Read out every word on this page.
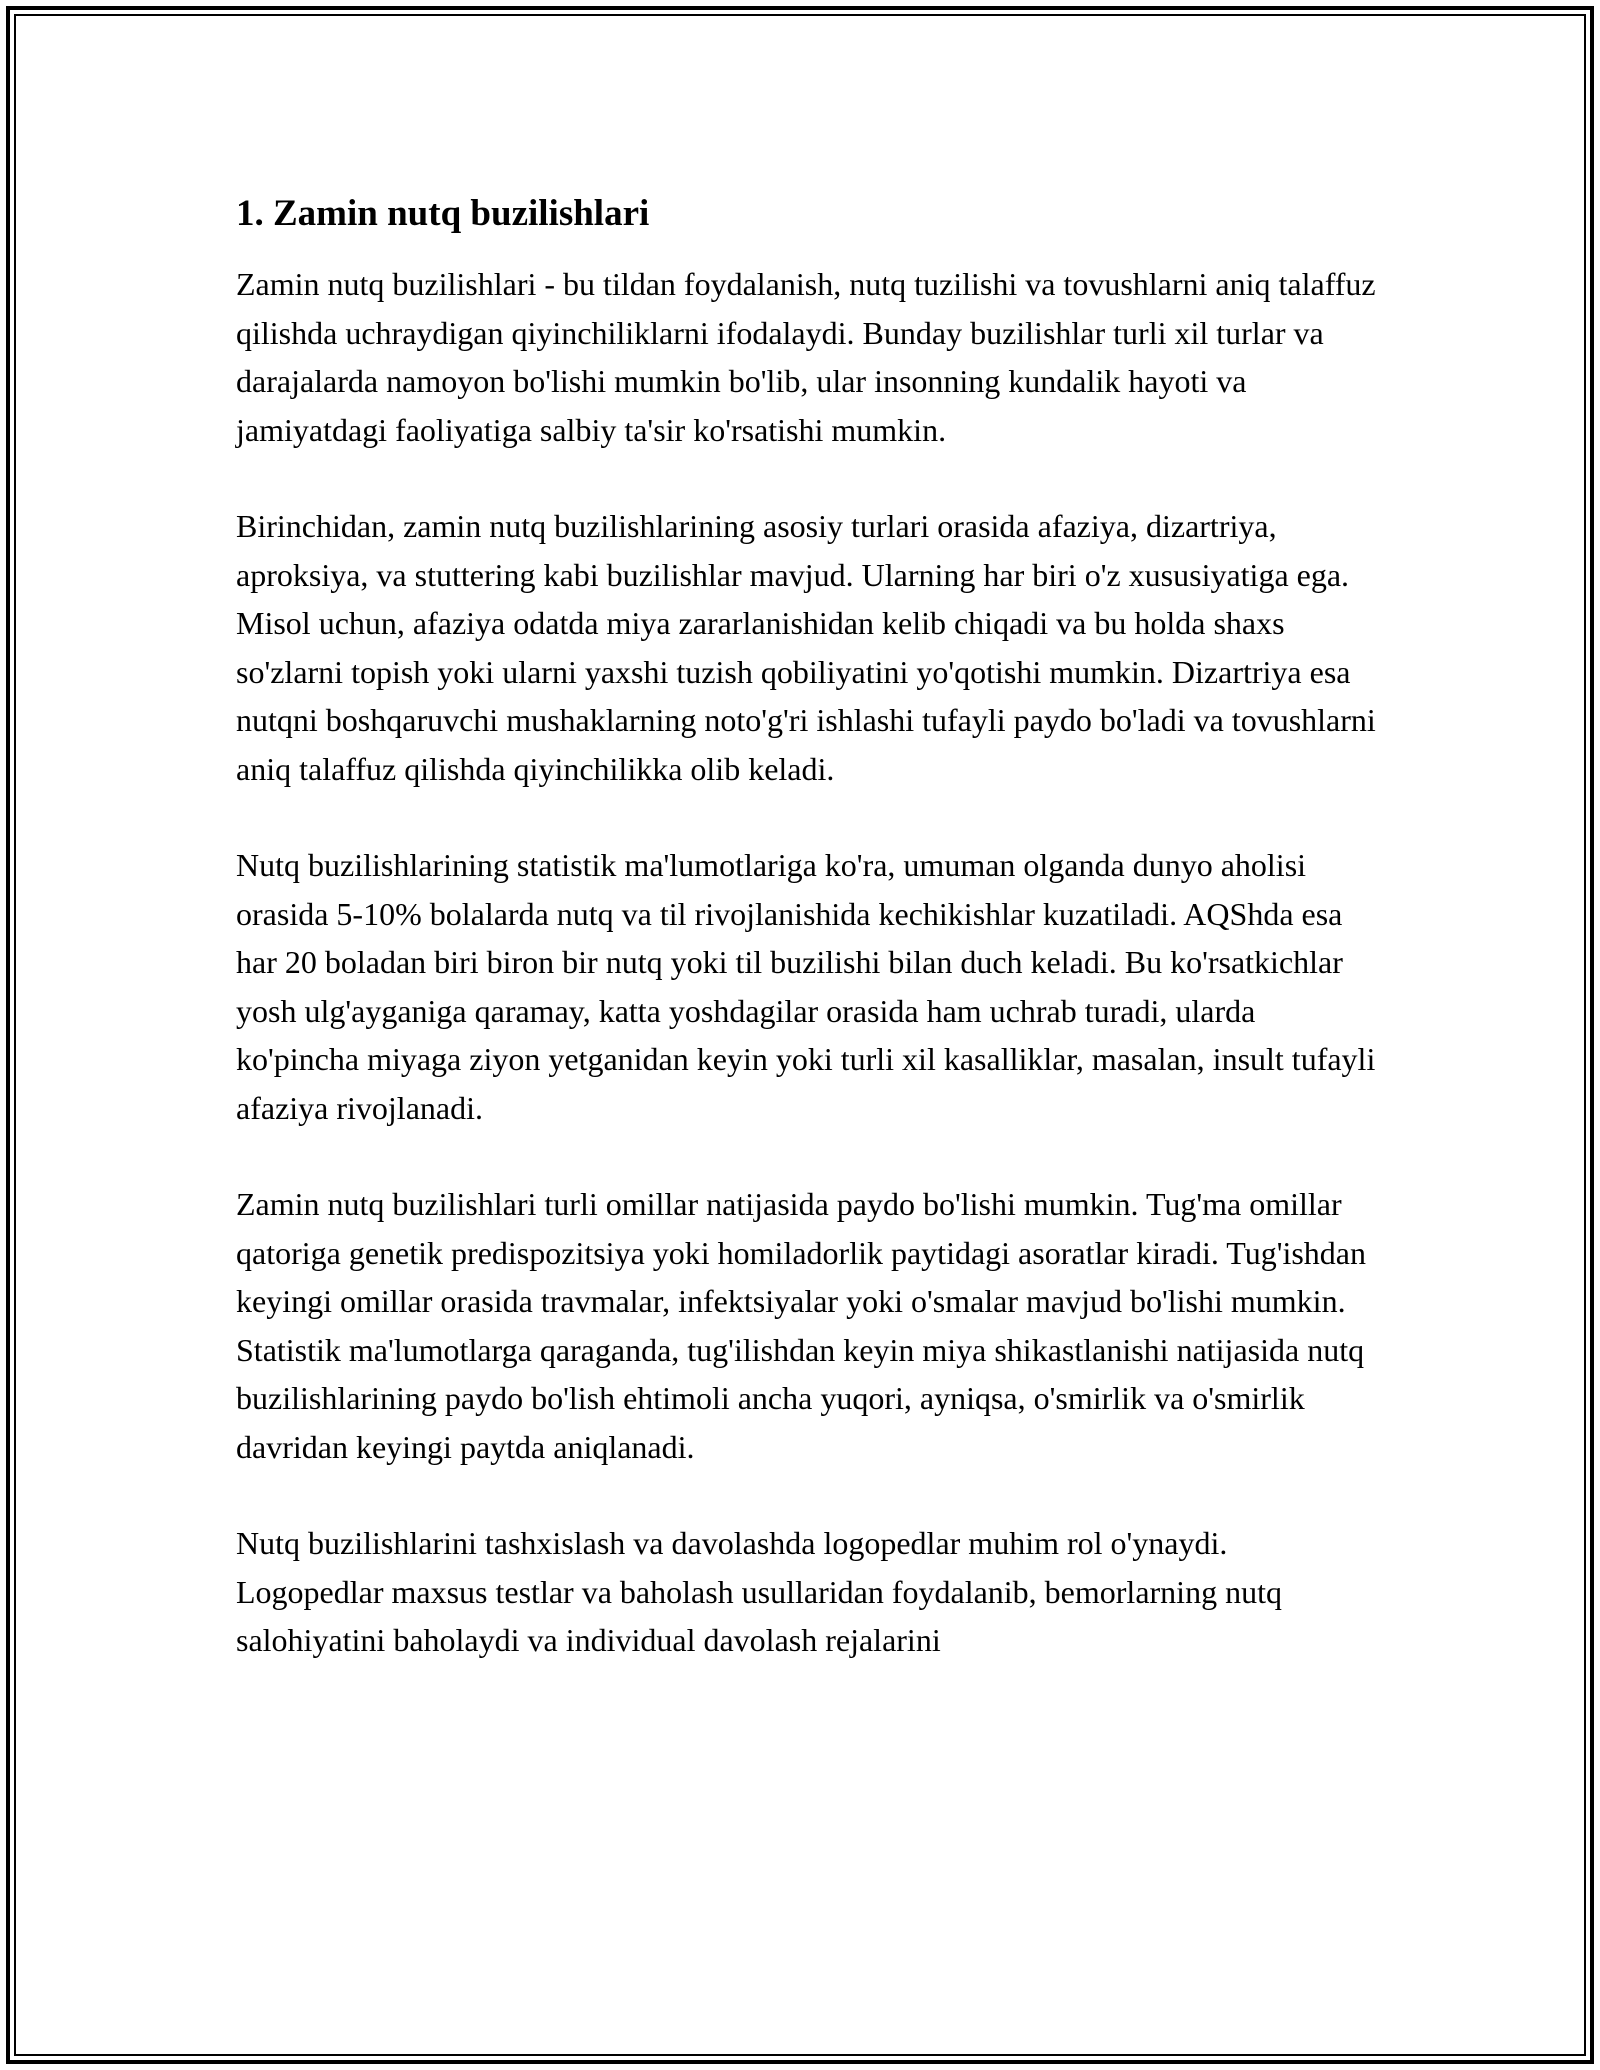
1. Zamin nutq buzilishlari

Zamin nutq buzilishlari - bu tildan foydalanish, nutq tuzilishi va tovushlarni aniq talaffuz qilishda uchraydigan qiyinchiliklarni ifodalaydi. Bunday buzilishlar turli xil turlar va darajalarda namoyon bo'lishi mumkin bo'lib, ular insonning kundalik hayoti va jamiyatdagi faoliyatiga salbiy ta'sir ko'rsatishi mumkin.

Birinchidan, zamin nutq buzilishlarining asosiy turlari orasida afaziya, dizartriya, aproksiya, va stuttering kabi buzilishlar mavjud. Ularning har biri o'z xususiyatiga ega. Misol uchun, afaziya odatda miya zararlanishidan kelib chiqadi va bu holda shaxs so'zlarni topish yoki ularni yaxshi tuzish qobiliyatini yo'qotishi mumkin. Dizartriya esa nutqni boshqaruvchi mushaklarning noto'g'ri ishlashi tufayli paydo bo'ladi va tovushlarni aniq talaffuz qilishda qiyinchilikka olib keladi.

Nutq buzilishlarining statistik ma'lumotlariga ko'ra, umuman olganda dunyo aholisi orasida 5-10% bolalarda nutq va til rivojlanishida kechikishlar kuzatiladi. AQShda esa har 20 boladan biri biron bir nutq yoki til buzilishi bilan duch keladi. Bu ko'rsatkichlar yosh ulg'ayganiga qaramay, katta yoshdagilar orasida ham uchrab turadi, ularda ko'pincha miyaga ziyon yetganidan keyin yoki turli xil kasalliklar, masalan, insult tufayli afaziya rivojlanadi.

Zamin nutq buzilishlari turli omillar natijasida paydo bo'lishi mumkin. Tug'ma omillar qatoriga genetik predispozitsiya yoki homiladorlik paytidagi asoratlar kiradi. Tug'ishdan keyingi omillar orasida travmalar, infektsiyalar yoki o'smalar mavjud bo'lishi mumkin. Statistik ma'lumotlarga qaraganda, tug'ilishdan keyin miya shikastlanishi natijasida nutq buzilishlarining paydo bo'lish ehtimoli ancha yuqori, ayniqsa, o'smirlik va o'smirlik davridan keyingi paytda aniqlanadi.

Nutq buzilishlarini tashxislash va davolashda logopedlar muhim rol o'ynaydi. Logopedlar maxsus testlar va baholash usullaridan foydalanib, bemorlarning nutq salohiyatini baholaydi va individual davolash rejalarini
